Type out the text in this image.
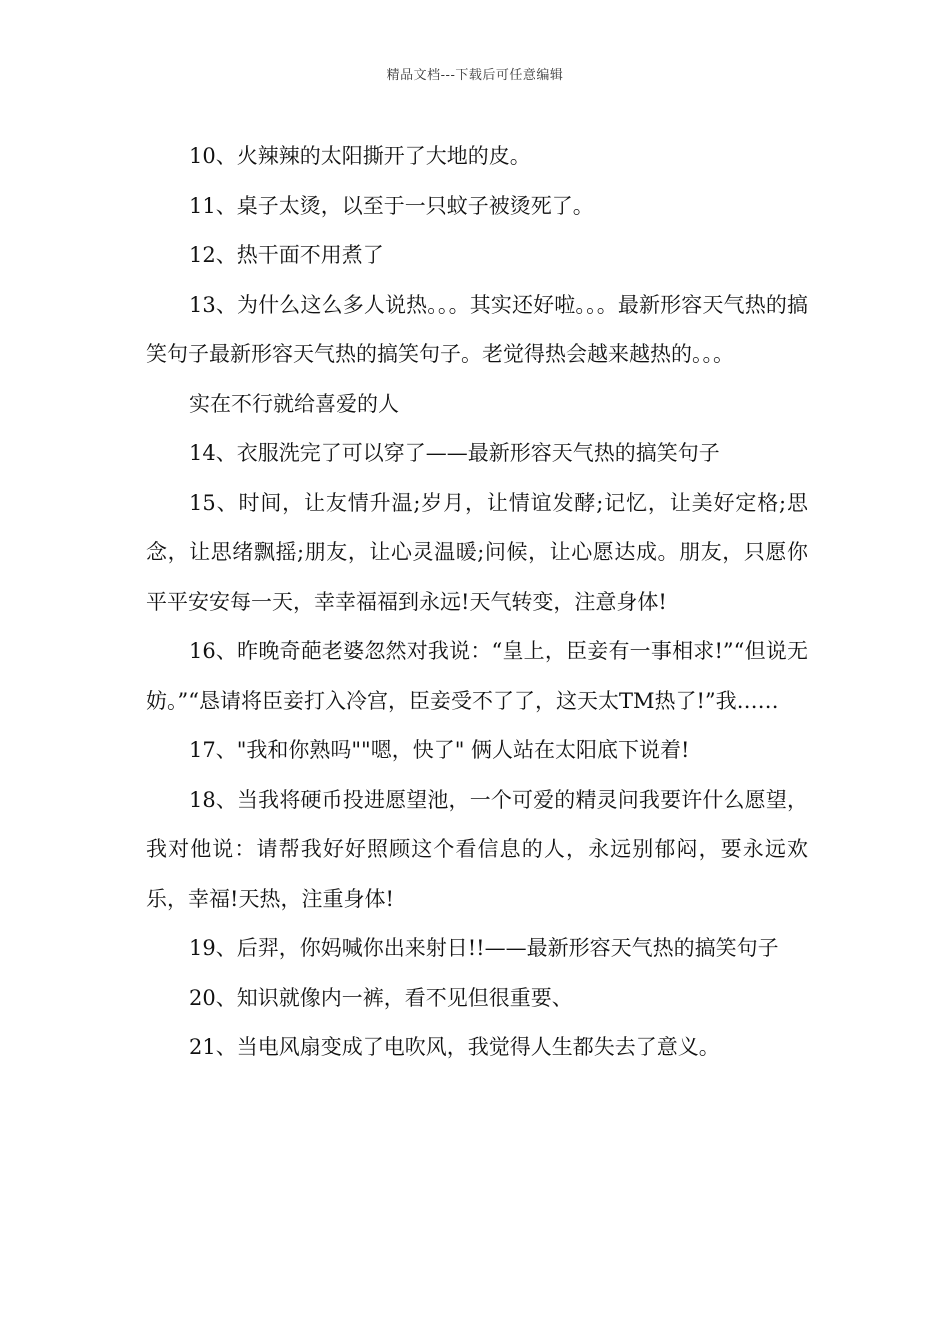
精品文档---下载后可任意编辑

10、火辣辣的太阳撕开了大地的皮。

11、桌子太烫，以至于一只蚊子被烫死了。

12、热干面不用煮了

13、为什么这么多人说热。。。其实还好啦。。。最新形容天气热的搞笑句子最新形容天气热的搞笑句子。老觉得热会越来越热的。。。

实在不行就给喜爱的人

14、衣服洗完了可以穿了——最新形容天气热的搞笑句子

15、时间，让友情升温;岁月，让情谊发酵;记忆，让美好定格;思念，让思绪飘摇;朋友，让心灵温暖;问候，让心愿达成。朋友，只愿你平平安安每一天，幸幸福福到永远!天气转变，注意身体!

16、昨晚奇葩老婆忽然对我说：“皇上，臣妾有一事相求!”“但说无妨。”“恳请将臣妾打入冷宫，臣妾受不了了，这天太TM热了!”我……

17、"我和你熟吗""嗯，快了" 俩人站在太阳底下说着!

18、当我将硬币投进愿望池，一个可爱的精灵问我要许什么愿望，我对他说：请帮我好好照顾这个看信息的人，永远别郁闷，要永远欢乐，幸福!天热，注重身体!

19、后羿，你妈喊你出来射日!!——最新形容天气热的搞笑句子

20、知识就像内一裤，看不见但很重要、

21、当电风扇变成了电吹风，我觉得人生都失去了意义。
